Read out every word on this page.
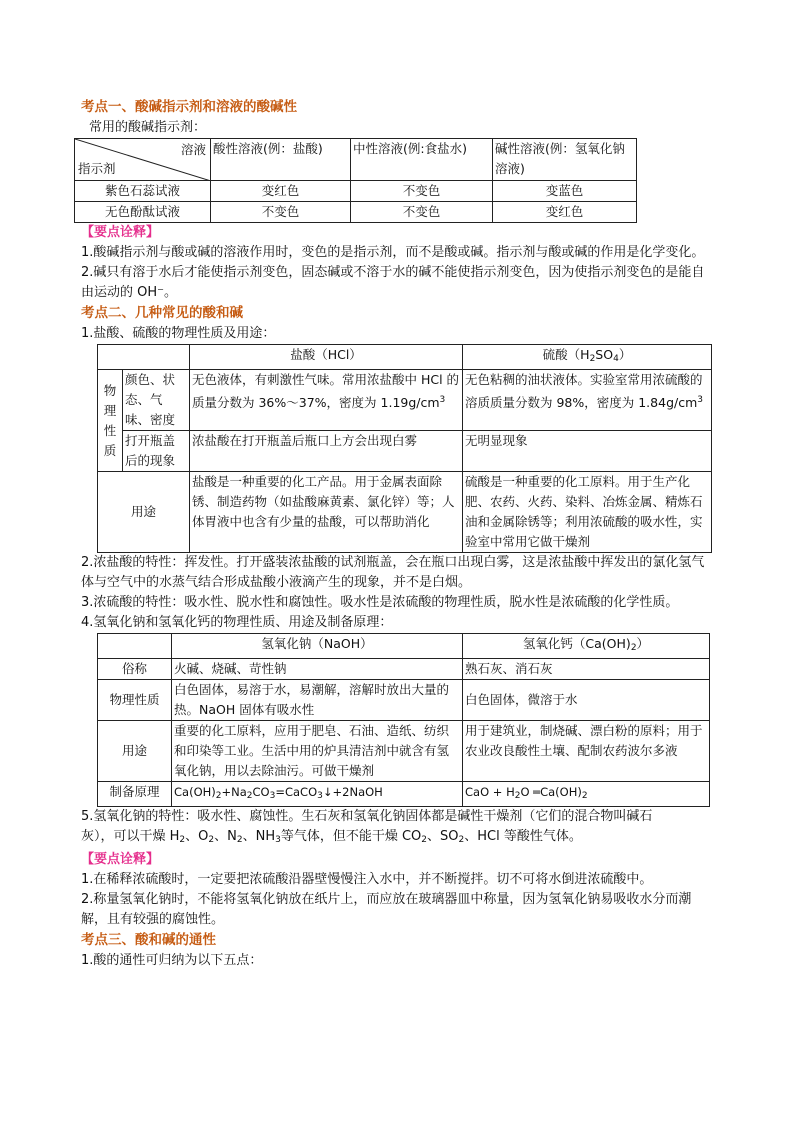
考点一、酸碱指示剂和溶液的酸碱性
常用的酸碱指示剂：
溶液
指示剂	酸性溶液(例：盐酸)	中性溶液(例:食盐水)	碱性溶液(例：氢氧化钠溶液)
紫色石蕊试液	变红色	不变色	变蓝色
无色酚酞试液	不变色	不变色	变红色
【要点诠释】
1.酸碱指示剂与酸或碱的溶液作用时，变色的是指示剂，而不是酸或碱。指示剂与酸或碱的作用是化学变化。
2.碱只有溶于水后才能使指示剂变色，固态碱或不溶于水的碱不能使指示剂变色，因为使指示剂变色的是能自由运动的 OH⁻。
考点二、几种常见的酸和碱
1.盐酸、硫酸的物理性质及用途：
		盐酸（HCl）	硫酸$(H_2SO_4)$
物理性质	颜色、状态、气味、密度	无色液体，有刺激性气味。常用浓盐酸中 HCl 的质量分数为 36%～37%，密度为 $1.19g/cm^3$	无色粘稠的油状液体。实验室常用浓硫酸的溶质质量分数为 98%，密度为 $1.84g/cm^3$
	打开瓶盖后的现象	浓盐酸在打开瓶盖后瓶口上方会出现白雾	无明显现象
用途		盐酸是一种重要的化工产品。用于金属表面除锈、制造药物（如盐酸麻黄素、氯化锌）等；人体胃液中也含有少量的盐酸，可以帮助消化	硫酸是一种重要的化工原料。用于生产化肥、农药、火药、染料、冶炼金属、精炼石油和金属除锈等；利用浓硫酸的吸水性，实验室中常用它做干燥剂
2.浓盐酸的特性：挥发性。打开盛装浓盐酸的试剂瓶盖，会在瓶口出现白雾，这是浓盐酸中挥发出的氯化氢气体与空气中的水蒸气结合形成盐酸小液滴产生的现象，并不是白烟。
3.浓硫酸的特性：吸水性、脱水性和腐蚀性。吸水性是浓硫酸的物理性质，脱水性是浓硫酸的化学性质。
4.氢氧化钠和氢氧化钙的物理性质、用途及制备原理：
	氢氧化钠（NaOH）	氢氧化钙$(Ca(OH)_2)$
俗称	火碱、烧碱、苛性钠	熟石灰、消石灰
物理性质	白色固体，易溶于水，易潮解，溶解时放出大量的热。NaOH 固体有吸水性	白色固体，微溶于水
用途	重要的化工原料，应用于肥皂、石油、造纸、纺织和印染等工业。生活中用的炉具清洁剂中就含有氢氧化钠，用以去除油污。可做干燥剂	用于建筑业，制烧碱、漂白粉的原料；用于农业改良酸性土壤、配制农药波尔多液
制备原理	$Ca(OH)_2+Na_2CO_3=CaCO_3↓+2NaOH$	CaO + $H_2O$ $═Ca(OH)_2$
5.氢氧化钠的特性：吸水性、腐蚀性。生石灰和氢氧化钠固体都是碱性干燥剂（它们的混合物叫碱石
灰），可以干燥 $H_2$、$O_2$、$N_2$、$NH_3$等气体，但不能干燥 $CO_2$、$SO_2$、HCl 等酸性气体。
【要点诠释】
1.在稀释浓硫酸时，一定要把浓硫酸沿器壁慢慢注入水中，并不断搅拌。切不可将水倒进浓硫酸中。
2.称量氢氧化钠时，不能将氢氧化钠放在纸片上，而应放在玻璃器皿中称量，因为氢氧化钠易吸收水分而潮解，且有较强的腐蚀性。
考点三、酸和碱的通性
1.酸的通性可归纳为以下五点：
